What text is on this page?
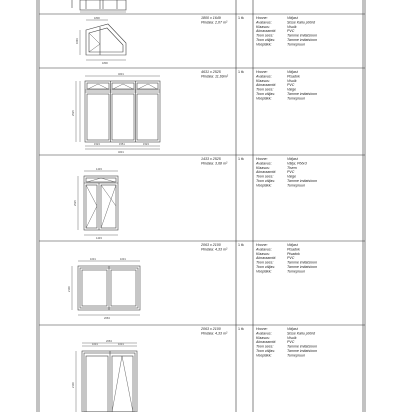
1800
1800
1649
4631
1523	1551	1523
4631
2525
1433
1433
2525
1031	1031
2063
2100
1031	1031
2063
2100
1800 x 1649
Pindala: 2,07 m²
1 tk	Hoone:	Vidjast
Avatavus:	Sisse Kallu pöörd
Klaasus:	Visuik
Aknaraamid:	PVC
Toon sees:	Tamme imitatsioon
Toon väljas:	Tamme imitatsioon
Veepläkk:	Tumepruun
4631 x 2525
Pindala: 11,69m²
1 tk	Hoone:	Vidjast
Avatavus:	Pisadok
Klaasus:	Visuik
Aknaraamid:	PVC
Toon sees:	Valge
Toon väljas:	Tamme imitatsioon
Veepläkk:	Tumepruun
1433 x 2525
Pindala: 3,68 m²
1 tk	Hoone:	Vidjast
Avatavus:	Välja; Pöörd
Klaasus:	Tisem
Aknaraamid:	PVC
Toon sees:	Valge
Toon väljas:	Tamme imitatsioon
Veepläkk:	Tumepruun
2063 x 2100
Pindala: 4,33 m²
1 tk	Hoone:	Vidjast
Avatavus:	Pisadok
Klaasus:	Pisadok
Aknaraamid:	PVC
Toon sees:	Tamme imitatsioon
Toon väljas:	Tamme imitatsioon
Veepläkk:	Tumepruun
2063 x 2100
Pindala: 4,33 m²
1 tk	Hoone:	Vidjast
Avatavus:	Sisse Kallu pöörd
Klaasus:	Visuik
Aknaraamid:	PVC
Toon sees:	Tamme imitatsioon
Toon väljas:	Tamme imitatsioon
Veepläkk:	Tumepruun
